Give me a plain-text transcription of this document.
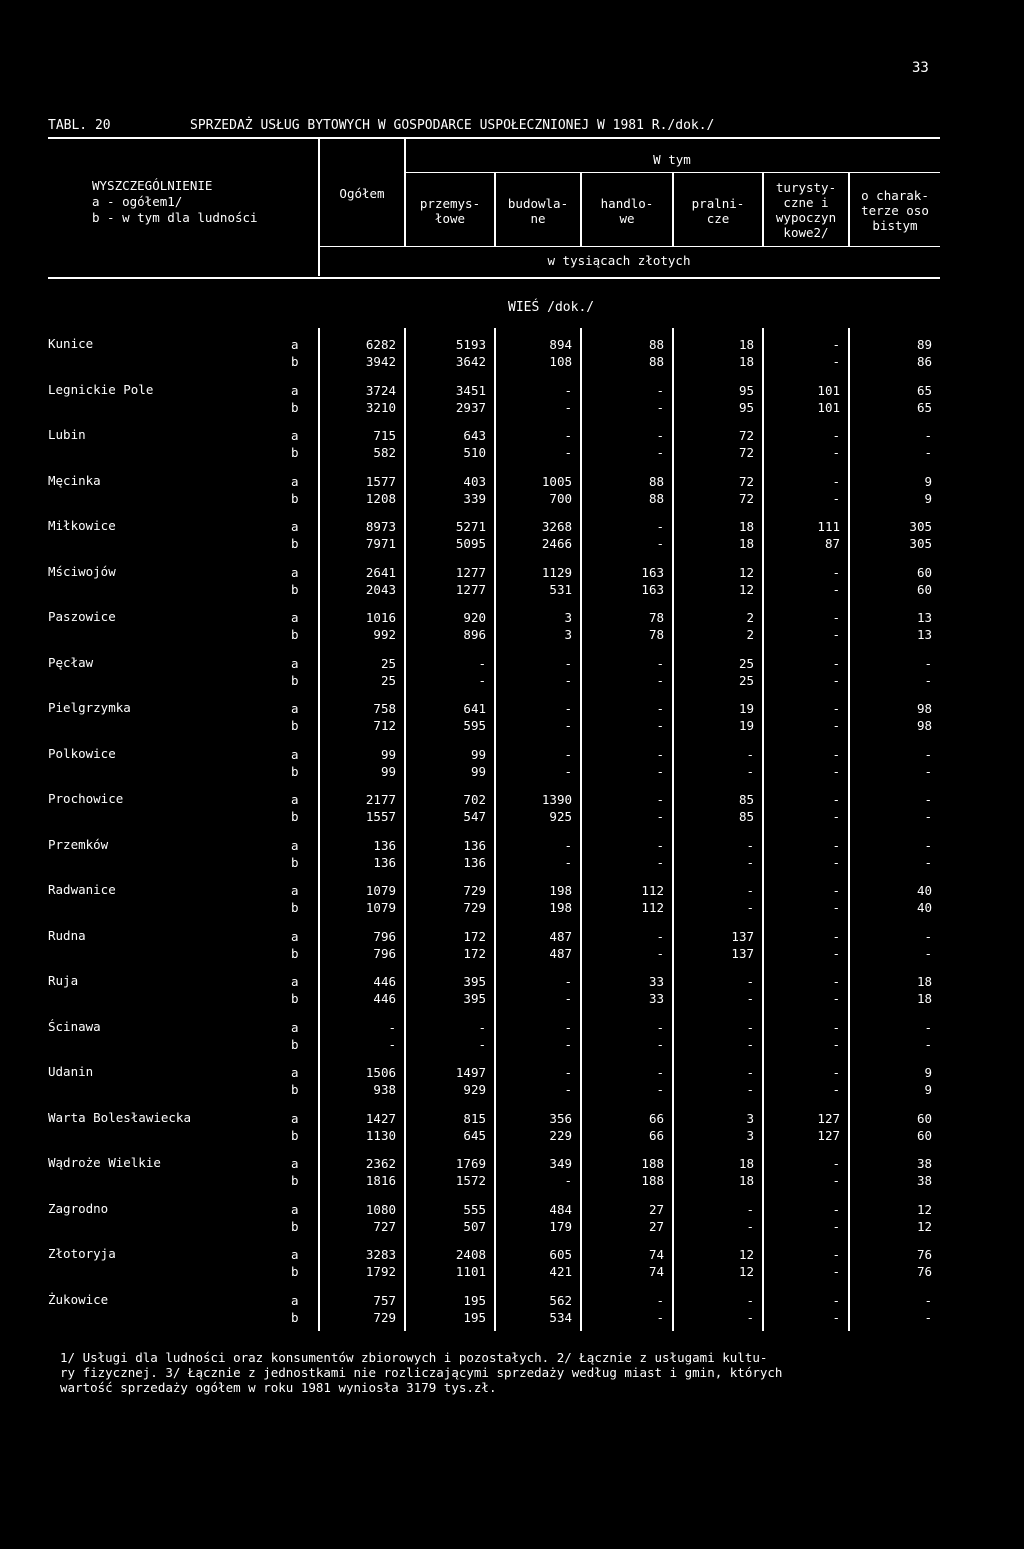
33
TABL. 20	SPRZEDAŻ USŁUG BYTOWYCH W GOSPODARCE USPOŁECZNIONEJ W 1981 R./dok./
WYSZCZEGÓLNIENIE
a - ogółem1/
b - w tym dla ludności
Ogółem
W tym
w tysiącach złotych
przemys-
łowe
budowla-
ne
handlo-
we
pralni-
cze
turysty-
czne i
wypoczyn
kowe2/
o charak-
terze oso
bistym
WIEŚ /dok./
Kunice	a	6282	5193	894	88	18	-	89
b	3942	3642	108	88	18	-	86
Legnickie Pole	a	3724	3451	-	-	95	101	65
b	3210	2937	-	-	95	101	65
Lubin	a	715	643	-	-	72	-	-
b	582	510	-	-	72	-	-
Męcinka	a	1577	403	1005	88	72	-	9
b	1208	339	700	88	72	-	9
Miłkowice	a	8973	5271	3268	-	18	111	305
b	7971	5095	2466	-	18	87	305
Mściwojów	a	2641	1277	1129	163	12	-	60
b	2043	1277	531	163	12	-	60
Paszowice	a	1016	920	3	78	2	-	13
b	992	896	3	78	2	-	13
Pęcław	a	25	-	-	-	25	-	-
b	25	-	-	-	25	-	-
Pielgrzymka	a	758	641	-	-	19	-	98
b	712	595	-	-	19	-	98
Polkowice	a	99	99	-	-	-	-	-
b	99	99	-	-	-	-	-
Prochowice	a	2177	702	1390	-	85	-	-
b	1557	547	925	-	85	-	-
Przemków	a	136	136	-	-	-	-	-
b	136	136	-	-	-	-	-
Radwanice	a	1079	729	198	112	-	-	40
b	1079	729	198	112	-	-	40
Rudna	a	796	172	487	-	137	-	-
b	796	172	487	-	137	-	-
Ruja	a	446	395	-	33	-	-	18
b	446	395	-	33	-	-	18
Ścinawa	a	-	-	-	-	-	-	-
b	-	-	-	-	-	-	-
Udanin	a	1506	1497	-	-	-	-	9
b	938	929	-	-	-	-	9
Warta Bolesławiecka	a	1427	815	356	66	3	127	60
b	1130	645	229	66	3	127	60
Wądroże Wielkie	a	2362	1769	349	188	18	-	38
b	1816	1572	-	188	18	-	38
Zagrodno	a	1080	555	484	27	-	-	12
b	727	507	179	27	-	-	12
Złotoryja	a	3283	2408	605	74	12	-	76
b	1792	1101	421	74	12	-	76
Żukowice	a	757	195	562	-	-	-	-
b	729	195	534	-	-	-	-
1/ Usługi dla ludności oraz konsumentów zbiorowych i pozostałych. 2/ Łącznie z usługami kultu-
ry fizycznej. 3/ Łącznie z jednostkami nie rozliczającymi sprzedaży według miast i gmin, których
wartość sprzedaży ogółem w roku 1981 wyniosła 3179 tys.zł.
